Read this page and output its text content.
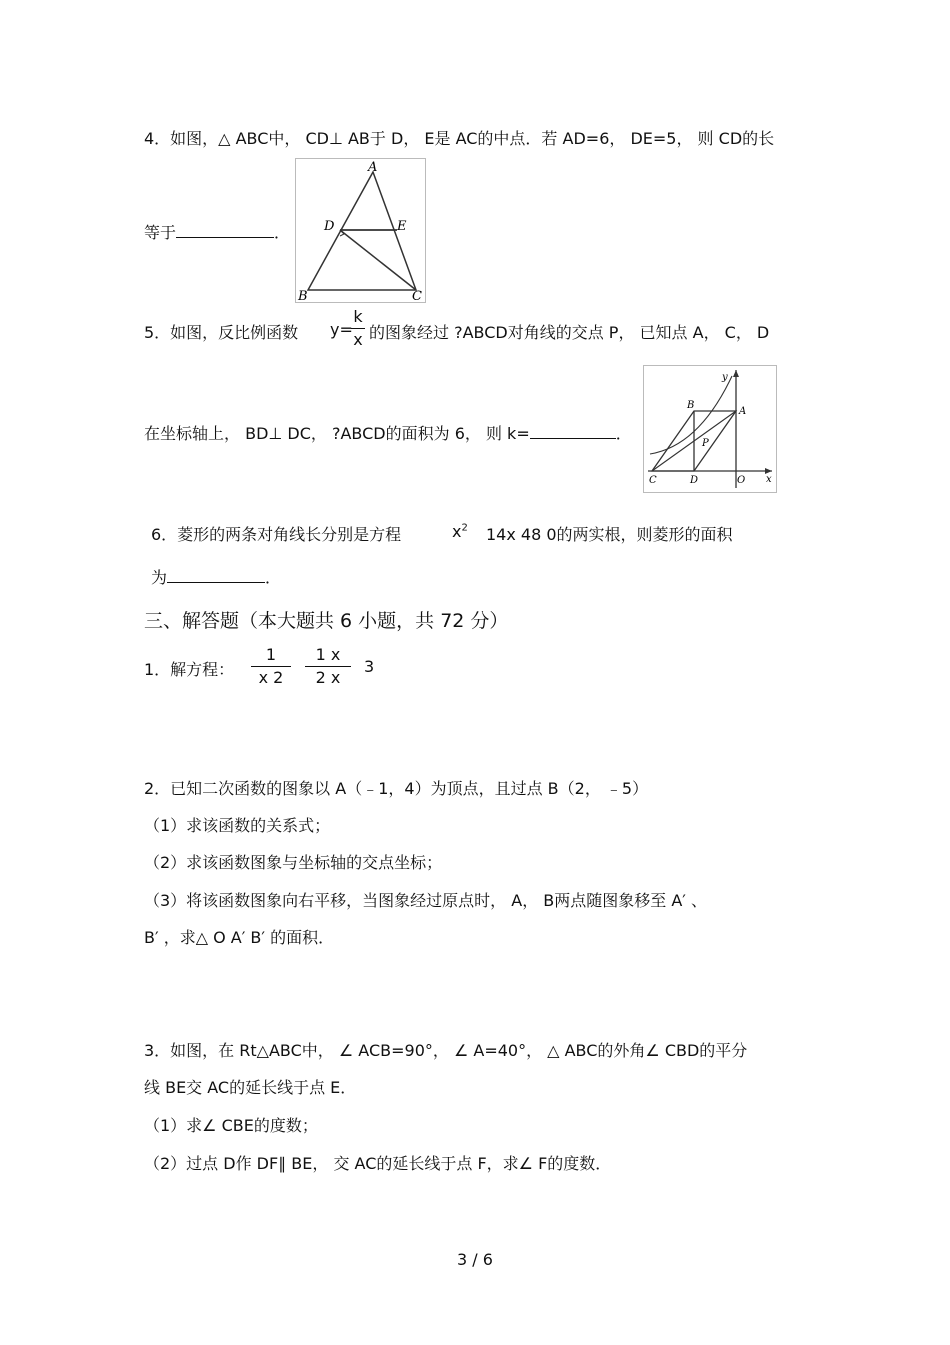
4．如图，△ ABC中， CD⊥ AB于 D， E是 AC的中点．若 AD=6， DE=5， 则 CD的长
等于	．
A
D	E
B	C
5．如图，反比例函数 y=
k
x 的图象经过 ?ABCD对角线的交点 P， 已知点 A， C， D
在坐标轴上， BD⊥ DC， ?ABCD的面积为 6， 则 k=	．
y
x
B
A
P
C	D	O
6．菱形的两条对角线长分别是方程	$x^2$ 14x 48 0的两实根，则菱形的面积
为	．
三、解答题（本大题共 6 小题，共 72 分）
1．解方程：
1
x 2
1 x
2 x
3
2．已知二次函数的图象以 A（﹣1，4）为顶点，且过点 B（2， ﹣5）
（1）求该函数的关系式；
（2）求该函数图象与坐标轴的交点坐标；
（3）将该函数图象向右平移，当图象经过原点时， A， B两点随图象移至 A′ 、
B′ ，求△ O A′ B′ 的面积．
3．如图，在 Rt△ABC中， ∠ ACB=90°， ∠ A=40°， △ ABC的外角∠ CBD的平分
线 BE交 AC的延长线于点 E．
（1）求∠ CBE的度数；
（2）过点 D作 DF∥ BE， 交 AC的延长线于点 F，求∠ F的度数．
3 / 6
